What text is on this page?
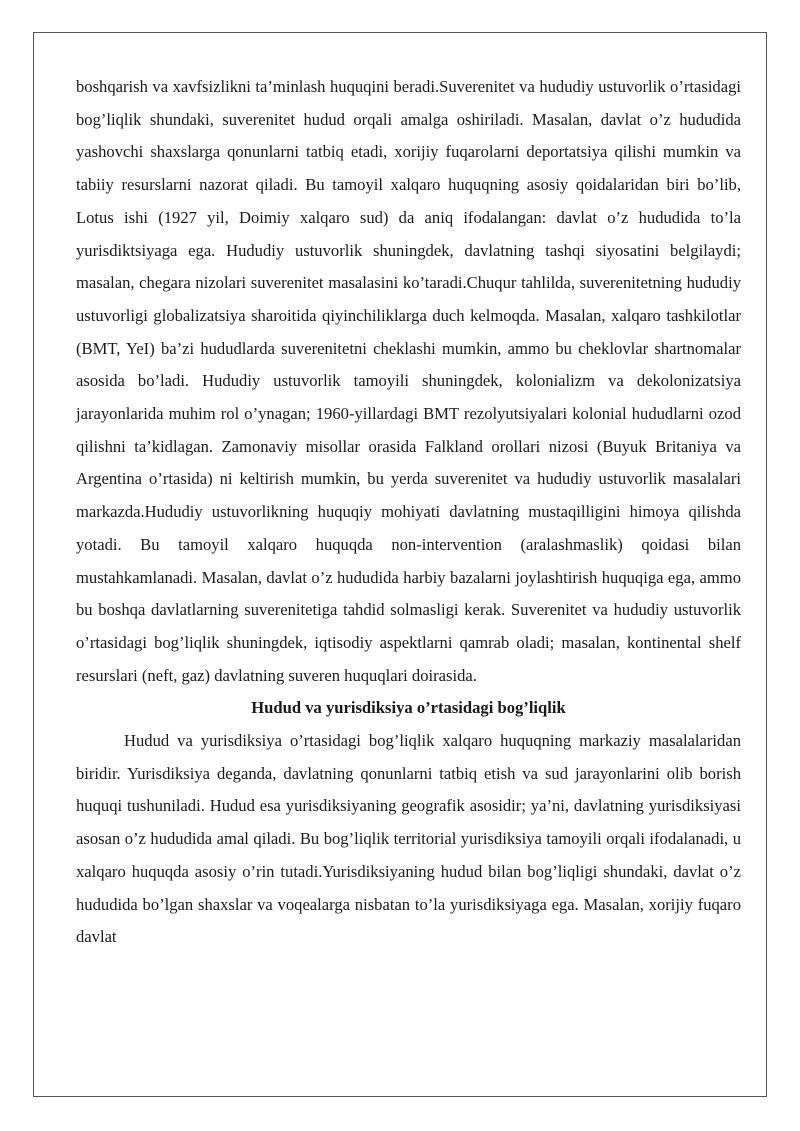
boshqarish va xavfsizlikni ta’minlash huquqini beradi.Suverenitet va hududiy ustuvorlik o’rtasidagi bog’liqlik shundaki, suverenitet hudud orqali amalga oshiriladi. Masalan, davlat o’z hududida yashovchi shaxslarga qonunlarni tatbiq etadi, xorijiy fuqarolarni deportatsiya qilishi mumkin va tabiiy resurslarni nazorat qiladi. Bu tamoyil xalqaro huquqning asosiy qoidalaridan biri bo’lib, Lotus ishi (1927 yil, Doimiy xalqaro sud) da aniq ifodalangan: davlat o’z hududida to’la yurisdiktsiyaga ega. Hududiy ustuvorlik shuningdek, davlatning tashqi siyosatini belgilaydi; masalan, chegara nizolari suverenitet masalasini ko’taradi.Chuqur tahlilda, suverenitetning hududiy ustuvorligi globalizatsiya sharoitida qiyinchiliklarga duch kelmoqda. Masalan, xalqaro tashkilotlar (BMT, YeI) ba’zi hududlarda suverenitetni cheklashi mumkin, ammo bu cheklovlar shartnomalar asosida bo’ladi. Hududiy ustuvorlik tamoyili shuningdek, kolonializm va dekolonizatsiya jarayonlarida muhim rol o’ynagan; 1960-yillardagi BMT rezolyutsiyalari kolonial hududlarni ozod qilishni ta’kidlagan. Zamonaviy misollar orasida Falkland orollari nizosi (Buyuk Britaniya va Argentina o’rtasida) ni keltirish mumkin, bu yerda suverenitet va hududiy ustuvorlik masalalari markazda.Hududiy ustuvorlikning huquqiy mohiyati davlatning mustaqilligini himoya qilishda yotadi. Bu tamoyil xalqaro huquqda non-intervention (aralashmaslik) qoidasi bilan mustahkamlanadi. Masalan, davlat o’z hududida harbiy bazalarni joylashtirish huquqiga ega, ammo bu boshqa davlatlarning suverenitetiga tahdid solmasligi kerak. Suverenitet va hududiy ustuvorlik o’rtasidagi bog’liqlik shuningdek, iqtisodiy aspektlarni qamrab oladi; masalan, kontinental shelf resurslari (neft, gaz) davlatning suveren huquqlari doirasida.

Hudud va yurisdiksiya o’rtasidagi bog’liqlik

Hudud va yurisdiksiya o’rtasidagi bog’liqlik xalqaro huquqning markaziy masalalaridan biridir. Yurisdiksiya deganda, davlatning qonunlarni tatbiq etish va sud jarayonlarini olib borish huquqi tushuniladi. Hudud esa yurisdiksiyaning geografik asosidir; ya’ni, davlatning yurisdiksiyasi asosan o’z hududida amal qiladi. Bu bog’liqlik territorial yurisdiksiya tamoyili orqali ifodalanadi, u xalqaro huquqda asosiy o’rin tutadi.Yurisdiksiyaning hudud bilan bog’liqligi shundaki, davlat o’z hududida bo’lgan shaxslar va voqealarga nisbatan to’la yurisdiksiyaga ega. Masalan, xorijiy fuqaro davlat
